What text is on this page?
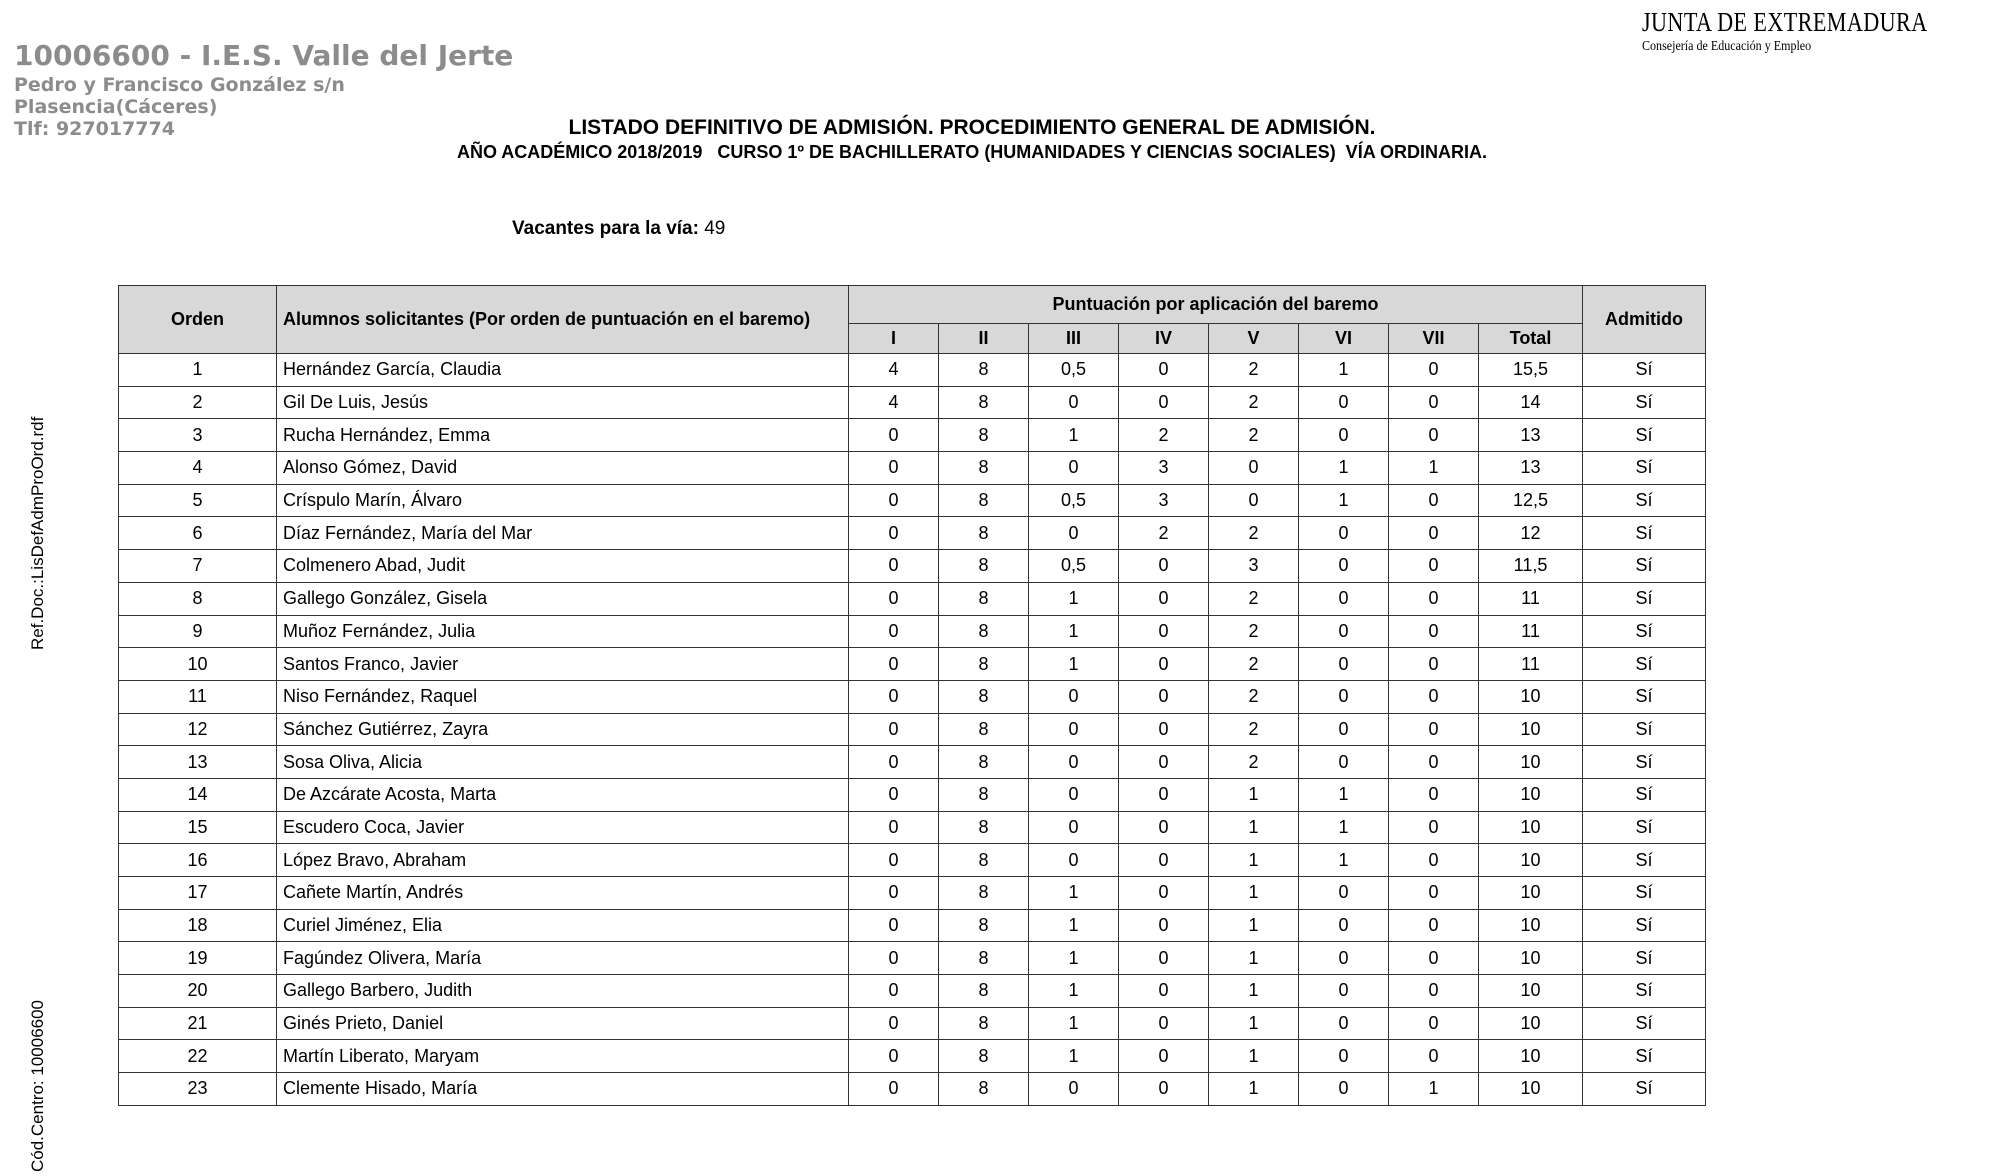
10006600 - I.E.S. Valle del Jerte
Pedro y Francisco González s/n
Plasencia(Cáceres)
Tlf: 927017774
JUNTA DE EXTREMADURA
Consejería de Educación y Empleo
LISTADO DEFINITIVO DE ADMISIÓN. PROCEDIMIENTO GENERAL DE ADMISIÓN.
AÑO ACADÉMICO 2018/2019   CURSO 1º DE BACHILLERATO (HUMANIDADES Y CIENCIAS SOCIALES)  VÍA ORDINARIA.
Vacantes para la vía: 49
Ref.Doc.:LisDefAdmProOrd.rdf
Cód.Centro: 10006600
Orden	Alumnos solicitantes (Por orden de puntuación en el baremo)	Puntuación por aplicación del baremo								Admitido
		I	II	III	IV	V	VI	VII	Total	
1	Hernández García, Claudia	4	8	0,5	0	2	1	0	15,5	Sí
2	Gil De Luis, Jesús	4	8	0	0	2	0	0	14	Sí
3	Rucha Hernández, Emma	0	8	1	2	2	0	0	13	Sí
4	Alonso Gómez, David	0	8	0	3	0	1	1	13	Sí
5	Críspulo Marín, Álvaro	0	8	0,5	3	0	1	0	12,5	Sí
6	Díaz Fernández, María del Mar	0	8	0	2	2	0	0	12	Sí
7	Colmenero Abad, Judit	0	8	0,5	0	3	0	0	11,5	Sí
8	Gallego González, Gisela	0	8	1	0	2	0	0	11	Sí
9	Muñoz Fernández, Julia	0	8	1	0	2	0	0	11	Sí
10	Santos Franco, Javier	0	8	1	0	2	0	0	11	Sí
11	Niso Fernández, Raquel	0	8	0	0	2	0	0	10	Sí
12	Sánchez Gutiérrez, Zayra	0	8	0	0	2	0	0	10	Sí
13	Sosa Oliva, Alicia	0	8	0	0	2	0	0	10	Sí
14	De Azcárate Acosta, Marta	0	8	0	0	1	1	0	10	Sí
15	Escudero Coca, Javier	0	8	0	0	1	1	0	10	Sí
16	López Bravo, Abraham	0	8	0	0	1	1	0	10	Sí
17	Cañete Martín, Andrés	0	8	1	0	1	0	0	10	Sí
18	Curiel Jiménez, Elia	0	8	1	0	1	0	0	10	Sí
19	Fagúndez Olivera, María	0	8	1	0	1	0	0	10	Sí
20	Gallego Barbero, Judith	0	8	1	0	1	0	0	10	Sí
21	Ginés Prieto, Daniel	0	8	1	0	1	0	0	10	Sí
22	Martín Liberato, Maryam	0	8	1	0	1	0	0	10	Sí
23	Clemente Hisado, María	0	8	0	0	1	0	1	10	Sí
